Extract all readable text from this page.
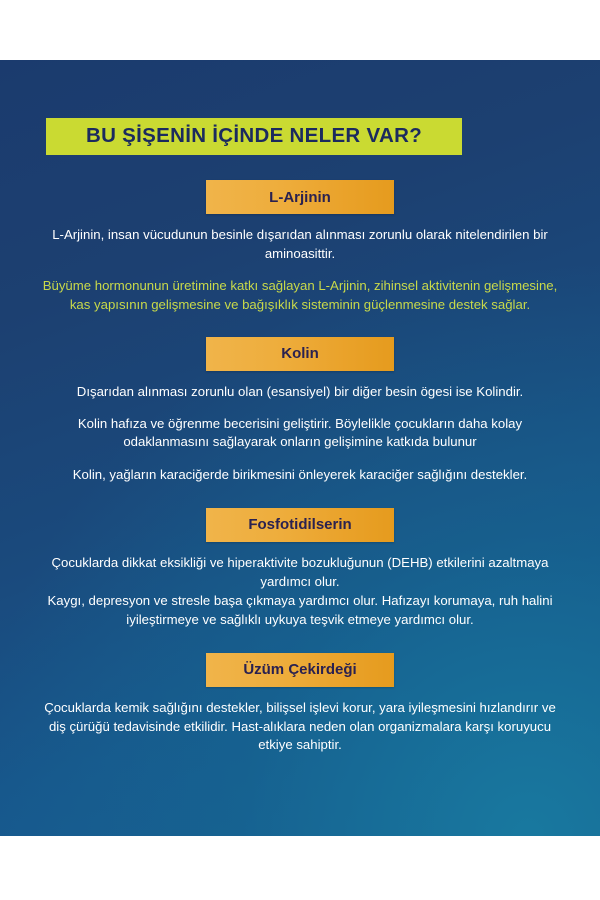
BU ŞİŞENİN İÇİNDE NELER VAR?
L-Arjinin

L-Arjinin, insan vücudunun besinle dışarıdan alınması zorunlu olarak nitelendirilen bir aminoasittir.

Büyüme hormonunun üretimine katkı sağlayan L-Arjinin, zihinsel aktivitenin gelişmesine, kas yapısının gelişmesine ve bağışıklık sisteminin güçlenmesine destek sağlar.

Kolin

Dışarıdan alınması zorunlu olan (esansiyel) bir diğer besin ögesi ise Kolindir.

Kolin hafıza ve öğrenme becerisini geliştirir. Böylelikle çocukların daha kolay odaklanmasını sağlayarak onların gelişimine katkıda bulunur

Kolin, yağların karaciğerde birikmesini önleyerek karaciğer sağlığını destekler.

Fosfotidilserin

Çocuklarda dikkat eksikliği ve hiperaktivite bozukluğunun (DEHB) etkilerini azaltmaya yardımcı olur.

Kaygı, depresyon ve stresle başa çıkmaya yardımcı olur. Hafızayı korumaya, ruh halini iyileştirmeye ve sağlıklı uykuya teşvik etmeye yardımcı olur.

Üzüm Çekirdeği

Çocuklarda kemik sağlığını destekler, bilişsel işlevi korur, yara iyileşmesini hızlandırır ve diş çürüğü tedavisinde etkilidir. Hast-alıklara neden olan organizmalara karşı koruyucu etkiye sahiptir.
